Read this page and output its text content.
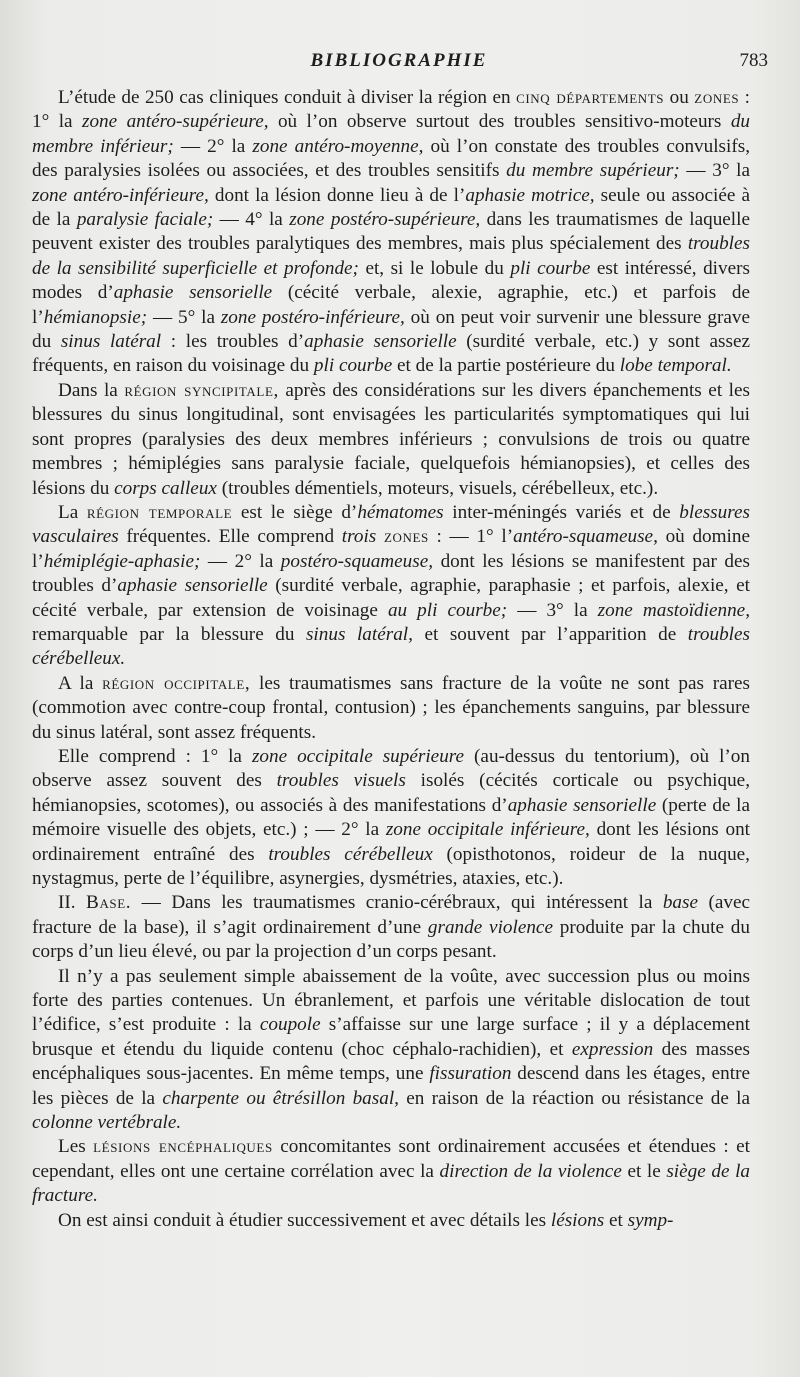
BIBLIOGRAPHIE	783

L’étude de 250 cas cliniques conduit à diviser la région en cinq départements ou zones : 1° la zone antéro-supérieure, où l’on observe surtout des troubles sensitivo-moteurs du membre inférieur; — 2° la zone antéro-moyenne, où l’on constate des troubles convulsifs, des paralysies isolées ou associées, et des troubles sensitifs du membre supérieur; — 3° la zone antéro-inférieure, dont la lésion donne lieu à de l’aphasie motrice, seule ou associée à de la paralysie faciale; — 4° la zone postéro-supérieure, dans les traumatismes de laquelle peuvent exister des troubles paralytiques des membres, mais plus spécialement des troubles de la sensibilité superficielle et profonde; et, si le lobule du pli courbe est intéressé, divers modes d’aphasie sensorielle (cécité verbale, alexie, agraphie, etc.) et parfois de l’hémianopsie; — 5° la zone postéro-inférieure, où on peut voir survenir une blessure grave du sinus latéral : les troubles d’aphasie sensorielle (surdité verbale, etc.) y sont assez fréquents, en raison du voisinage du pli courbe et de la partie postérieure du lobe temporal.

Dans la région syncipitale, après des considérations sur les divers épanchements et les blessures du sinus longitudinal, sont envisagées les particularités symptomatiques qui lui sont propres (paralysies des deux membres inférieurs ; convulsions de trois ou quatre membres ; hémiplégies sans paralysie faciale, quelquefois hémianopsies), et celles des lésions du corps calleux (troubles démentiels, moteurs, visuels, cérébelleux, etc.).

La région temporale est le siège d’hématomes inter-méningés variés et de blessures vasculaires fréquentes. Elle comprend trois zones : — 1° l’antéro-squameuse, où domine l’hémiplégie-aphasie; — 2° la postéro-squameuse, dont les lésions se manifestent par des troubles d’aphasie sensorielle (surdité verbale, agraphie, paraphasie ; et parfois, alexie, et cécité verbale, par extension de voisinage au pli courbe; — 3° la zone mastoïdienne, remarquable par la blessure du sinus latéral, et souvent par l’apparition de troubles cérébelleux.

A la région occipitale, les traumatismes sans fracture de la voûte ne sont pas rares (commotion avec contre-coup frontal, contusion) ; les épanchements sanguins, par blessure du sinus latéral, sont assez fréquents.

Elle comprend : 1° la zone occipitale supérieure (au-dessus du tentorium), où l’on observe assez souvent des troubles visuels isolés (cécités corticale ou psychique, hémianopsies, scotomes), ou associés à des manifestations d’aphasie sensorielle (perte de la mémoire visuelle des objets, etc.) ; — 2° la zone occipitale inférieure, dont les lésions ont ordinairement entraîné des troubles cérébelleux (opisthotonos, roideur de la nuque, nystagmus, perte de l’équilibre, asynergies, dysmétries, ataxies, etc.).

II. Base. — Dans les traumatismes cranio-cérébraux, qui intéressent la base (avec fracture de la base), il s’agit ordinairement d’une grande violence produite par la chute du corps d’un lieu élevé, ou par la projection d’un corps pesant.

Il n’y a pas seulement simple abaissement de la voûte, avec succession plus ou moins forte des parties contenues. Un ébranlement, et parfois une véritable dislocation de tout l’édifice, s’est produite : la coupole s’affaisse sur une large surface ; il y a déplacement brusque et étendu du liquide contenu (choc céphalo-rachidien), et expression des masses encéphaliques sous-jacentes. En même temps, une fissuration descend dans les étages, entre les pièces de la charpente ou êtrésillon basal, en raison de la réaction ou résistance de la colonne vertébrale.

Les lésions encéphaliques concomitantes sont ordinairement accusées et étendues : et cependant, elles ont une certaine corrélation avec la direction de la violence et le siège de la fracture.

On est ainsi conduit à étudier successivement et avec détails les lésions et symp-
